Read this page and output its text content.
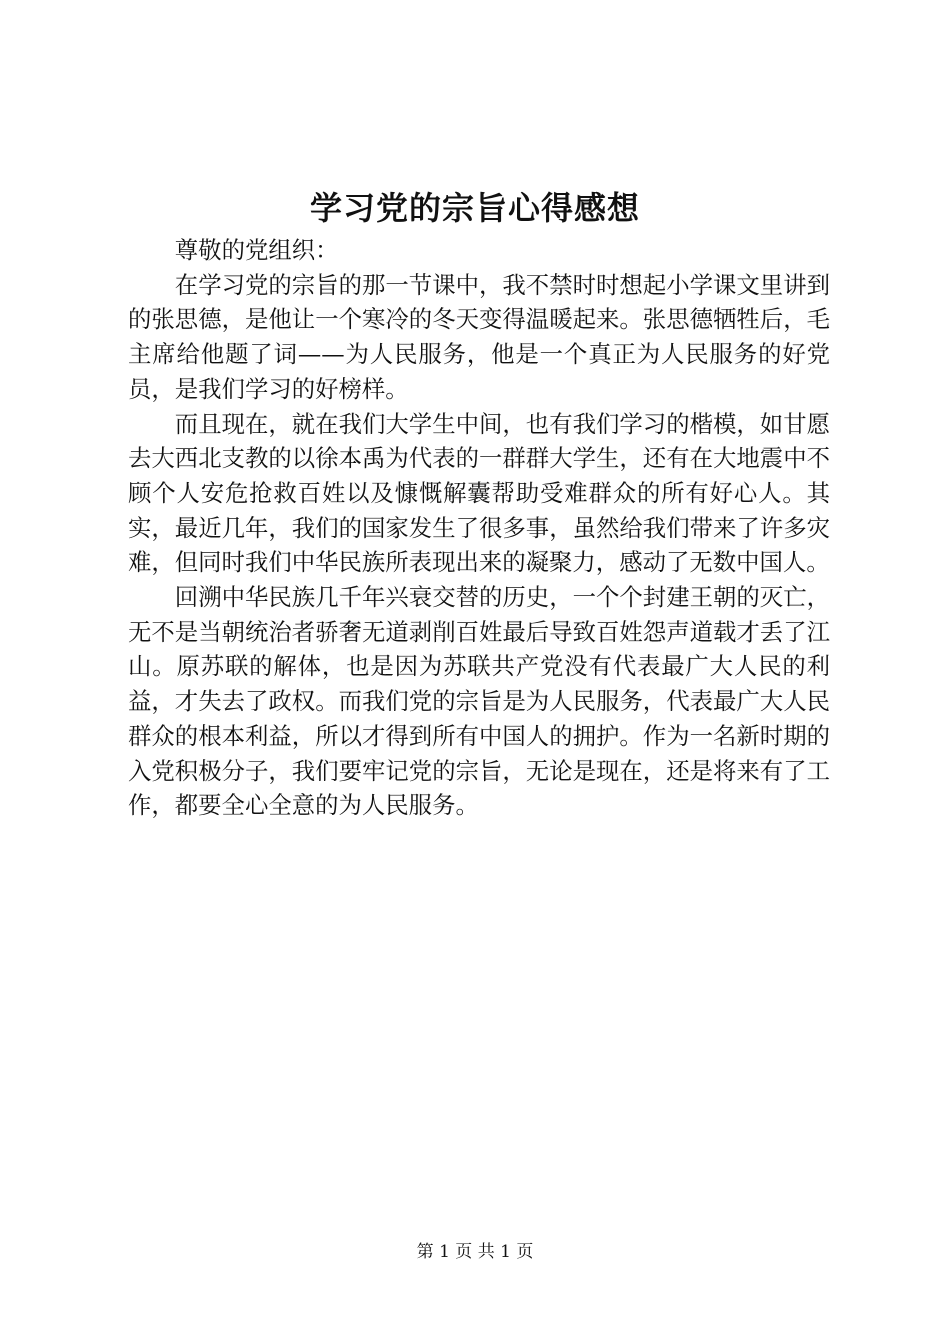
学习党的宗旨心得感想

尊敬的党组织：

在学习党的宗旨的那一节课中，我不禁时时想起小学课文里讲到的张思德，是他让一个寒冷的冬天变得温暖起来。张思德牺牲后，毛主席给他题了词——为人民服务，他是一个真正为人民服务的好党员，是我们学习的好榜样。

而且现在，就在我们大学生中间，也有我们学习的楷模，如甘愿去大西北支教的以徐本禹为代表的一群群大学生，还有在大地震中不顾个人安危抢救百姓以及慷慨解囊帮助受难群众的所有好心人。其实，最近几年，我们的国家发生了很多事，虽然给我们带来了许多灾难，但同时我们中华民族所表现出来的凝聚力，感动了无数中国人。

回溯中华民族几千年兴衰交替的历史，一个个封建王朝的灭亡，无不是当朝统治者骄奢无道剥削百姓最后导致百姓怨声道载才丢了江山。原苏联的解体，也是因为苏联共产党没有代表最广大人民的利益，才失去了政权。而我们党的宗旨是为人民服务，代表最广大人民群众的根本利益，所以才得到所有中国人的拥护。作为一名新时期的入党积极分子，我们要牢记党的宗旨，无论是现在，还是将来有了工作，都要全心全意的为人民服务。

第 1 页 共 1 页
